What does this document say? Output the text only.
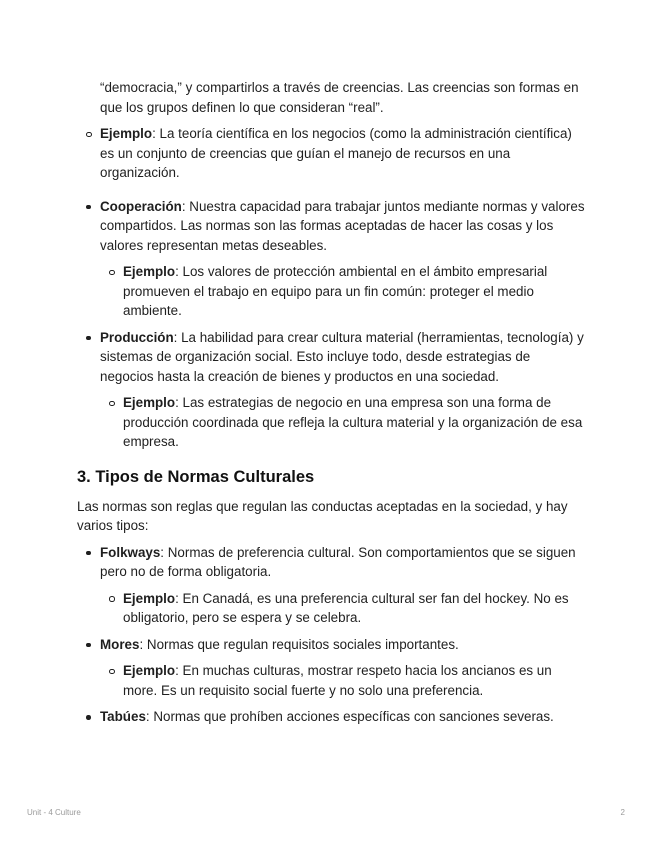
“democracia,” y compartirlos a través de creencias. Las creencias son formas en que los grupos definen lo que consideran “real”.

Ejemplo: La teoría científica en los negocios (como la administración científica) es un conjunto de creencias que guían el manejo de recursos en una organización.
Cooperación: Nuestra capacidad para trabajar juntos mediante normas y valores compartidos. Las normas son las formas aceptadas de hacer las cosas y los valores representan metas deseables.
Ejemplo: Los valores de protección ambiental en el ámbito empresarial promueven el trabajo en equipo para un fin común: proteger el medio ambiente.
Producción: La habilidad para crear cultura material (herramientas, tecnología) y sistemas de organización social. Esto incluye todo, desde estrategias de negocios hasta la creación de bienes y productos en una sociedad.
Ejemplo: Las estrategias de negocio en una empresa son una forma de producción coordinada que refleja la cultura material y la organización de esa empresa.
3. Tipos de Normas Culturales

Las normas son reglas que regulan las conductas aceptadas en la sociedad, y hay varios tipos:

Folkways: Normas de preferencia cultural. Son comportamientos que se siguen pero no de forma obligatoria.
Ejemplo: En Canadá, es una preferencia cultural ser fan del hockey. No es obligatorio, pero se espera y se celebra.
Mores: Normas que regulan requisitos sociales importantes.
Ejemplo: En muchas culturas, mostrar respeto hacia los ancianos es un more. Es un requisito social fuerte y no solo una preferencia.
Tabúes: Normas que prohíben acciones específicas con sanciones severas.
Unit - 4 Culture	2
